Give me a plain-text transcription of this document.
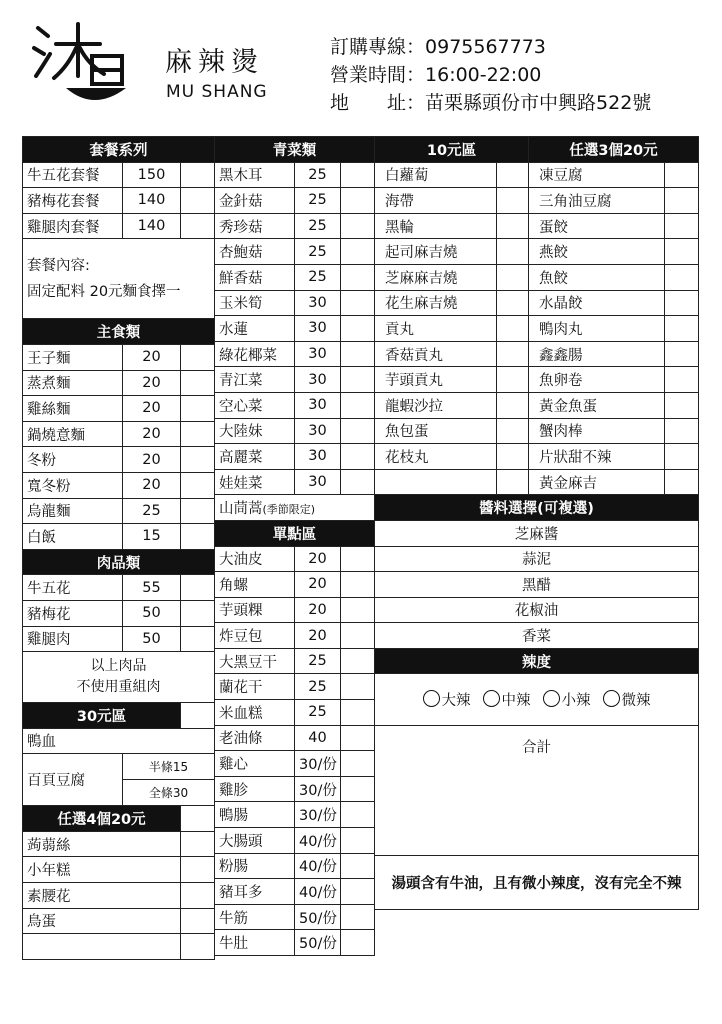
麻辣燙
MU SHANG
訂購專線：0975567773
營業時間：16:00-22:00
地　　址：苗栗縣頭份市中興路522號
套餐系列		
牛五花套餐	150	
豬梅花套餐	140	
雞腿肉套餐	140	

套餐內容:
固定配料 20元麵食擇一		

主食類		
王子麵	20	
蒸煮麵	20	
雞絲麵	20	
鍋燒意麵	20	
冬粉	20	
寬冬粉	20	
烏龍麵	25	
白飯	15	
肉品類		
牛五花	55	
豬梅花	50	
雞腿肉	50	

以上肉品
不使用重組肉		

30元區		
鴨血		
百頁豆腐	半條15	
	全條30	
任選4個20元		
蒟蒻絲		
小年糕		
素腰花		
鳥蛋		

青菜類		
黑木耳	25	
金針菇	25	
秀珍菇	25	
杏鮑菇	25	
鮮香菇	25	
玉米筍	30	
水蓮	30	
綠花椰菜	30	
青江菜	30	
空心菜	30	
大陸妹	30	
高麗菜	30	
娃娃菜	30	
山茼蒿(季節限定)		
單點區		
大油皮	20	
角螺	20	
芋頭粿	20	
炸豆包	20	
大黑豆干	25	
蘭花干	25	
米血糕	25	
老油條	40	
雞心	30/份	
雞胗	30/份	
鴨腸	30/份	
大腸頭	40/份	
粉腸	40/份	
豬耳多	40/份	
牛筋	50/份	
牛肚	50/份	
10元區		任選3個20元	
白蘿蔔		凍豆腐	
海帶		三角油豆腐	
黑輪		蛋餃	
起司麻吉燒		燕餃	
芝麻麻吉燒		魚餃	
花生麻吉燒		水晶餃	
貢丸		鴨肉丸	
香菇貢丸		鑫鑫腸	
芋頭貢丸		魚卵卷	
龍蝦沙拉		黃金魚蛋	
魚包蛋		蟹肉棒	
花枝丸		片狀甜不辣	
		黃金麻吉	
醬料選擇(可複選)			
芝麻醬			
蒜泥			
黑醋			
花椒油			
香菜			
辣度			
大辣 中辣 小辣 微辣			
合計			
湯頭含有牛油，且有微小辣度，沒有完全不辣			
